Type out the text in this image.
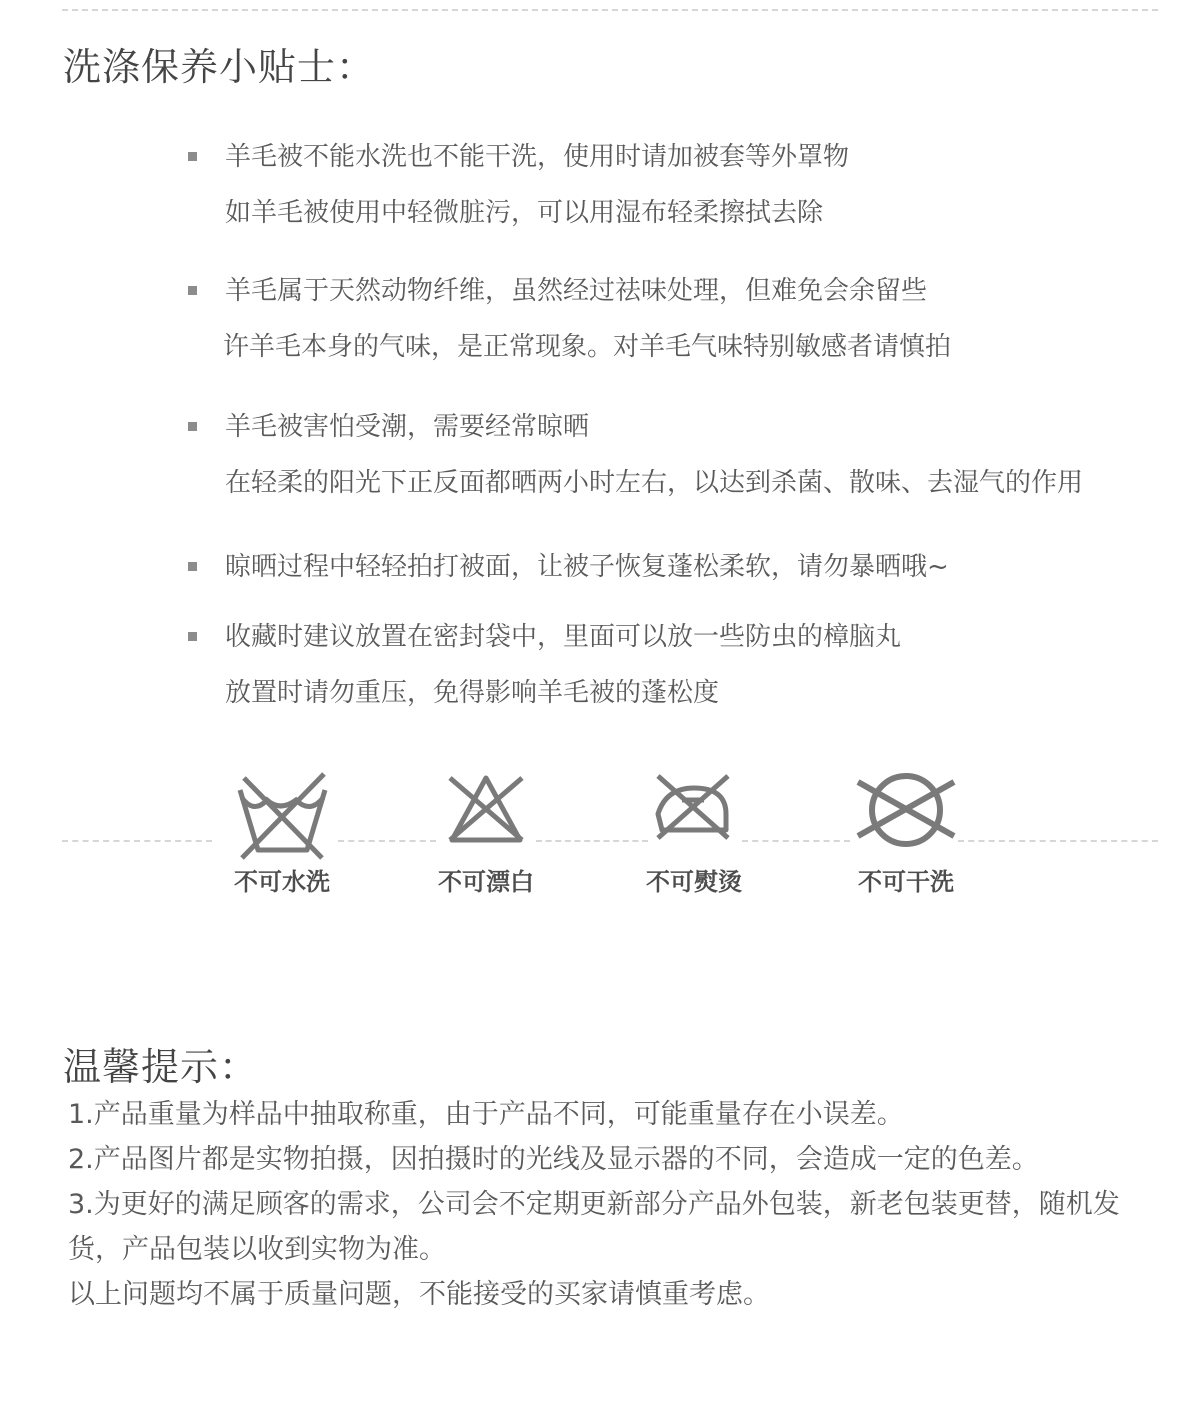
洗涤保养小贴士：
羊毛被不能水洗也不能干洗，使用时请加被套等外罩物
如羊毛被使用中轻微脏污，可以用湿布轻柔擦拭去除
羊毛属于天然动物纤维，虽然经过祛味处理，但难免会余留些
许羊毛本身的气味，是正常现象。对羊毛气味特别敏感者请慎拍
羊毛被害怕受潮，需要经常晾晒
在轻柔的阳光下正反面都晒两小时左右，以达到杀菌、散味、去湿气的作用
晾晒过程中轻轻拍打被面，让被子恢复蓬松柔软，请勿暴晒哦~
收藏时建议放置在密封袋中，里面可以放一些防虫的樟脑丸
放置时请勿重压，免得影响羊毛被的蓬松度
不可水洗	不可漂白	不可熨烫	不可干洗
温馨提示：

1.产品重量为样品中抽取称重，由于产品不同，可能重量存在小误差。

2.产品图片都是实物拍摄，因拍摄时的光线及显示器的不同，会造成一定的色差。

3.为更好的满足顾客的需求，公司会不定期更新部分产品外包装，新老包装更替，随机发货，产品包装以收到实物为准。

以上问题均不属于质量问题，不能接受的买家请慎重考虑。
